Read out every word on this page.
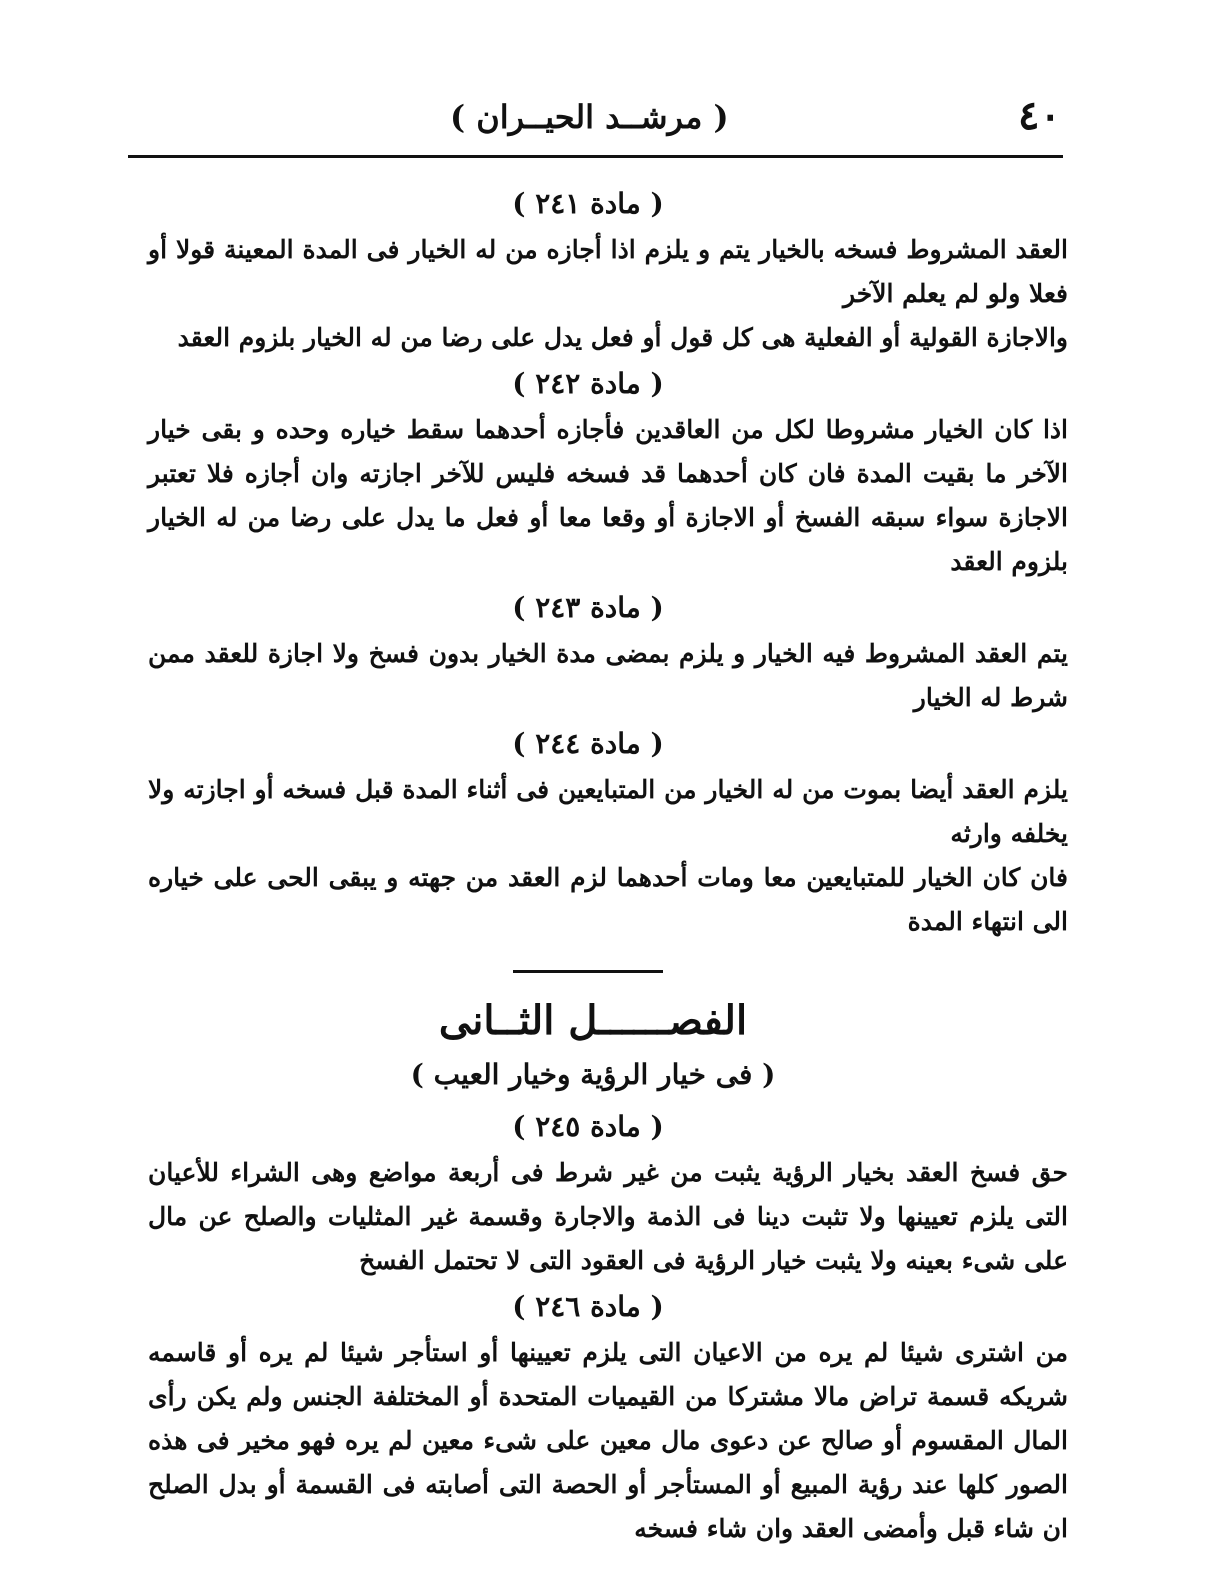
٤٠
( مرشــد الحيــران )
( مادة ٢٤١ )

العقد المشروط فسخه بالخيار يتم و يلزم اذا أجازه من له الخيار فى المدة المعينة قولا أو فعلا ولو لم يعلم الآخر

والاجازة القولية أو الفعلية هى كل قول أو فعل يدل على رضا من له الخيار بلزوم العقد

( مادة ٢٤٢ )

اذا كان الخيار مشروطا لكل من العاقدين فأجازه أحدهما سقط خياره وحده و بقى خيار الآخر ما بقيت المدة فان كان أحدهما قد فسخه فليس للآخر اجازته وان أجازه فلا تعتبر الاجازة سواء سبقه الفسخ أو الاجازة أو وقعا معا أو فعل ما يدل على رضا من له الخيار بلزوم العقد

( مادة ٢٤٣ )

يتم العقد المشروط فيه الخيار و يلزم بمضى مدة الخيار بدون فسخ ولا اجازة للعقد ممن شرط له الخيار

( مادة ٢٤٤ )

يلزم العقد أيضا بموت من له الخيار من المتبايعين فى أثناء المدة قبل فسخه أو اجازته ولا يخلفه وارثه

فان كان الخيار للمتبايعين معا ومات أحدهما لزم العقد من جهته و يبقى الحى على خياره الى انتهاء المدة

الفصــــــل الثــانى
( فى خيار الرؤية وخيار العيب )
( مادة ٢٤٥ )

حق فسخ العقد بخيار الرؤية يثبت من غير شرط فى أربعة مواضع وهى الشراء للأعيان التى يلزم تعيينها ولا تثبت دينا فى الذمة والاجارة وقسمة غير المثليات والصلح عن مال على شىء بعينه ولا يثبت خيار الرؤية فى العقود التى لا تحتمل الفسخ

( مادة ٢٤٦ )

من اشترى شيئا لم يره من الاعيان التى يلزم تعيينها أو استأجر شيئا لم يره أو قاسمه شريكه قسمة تراض مالا مشتركا من القيميات المتحدة أو المختلفة الجنس ولم يكن رأى المال المقسوم أو صالح عن دعوى مال معين على شىء معين لم يره فهو مخير فى هذه الصور كلها عند رؤية المبيع أو المستأجر أو الحصة التى أصابته فى القسمة أو بدل الصلح ان شاء قبل وأمضى العقد وان شاء فسخه
